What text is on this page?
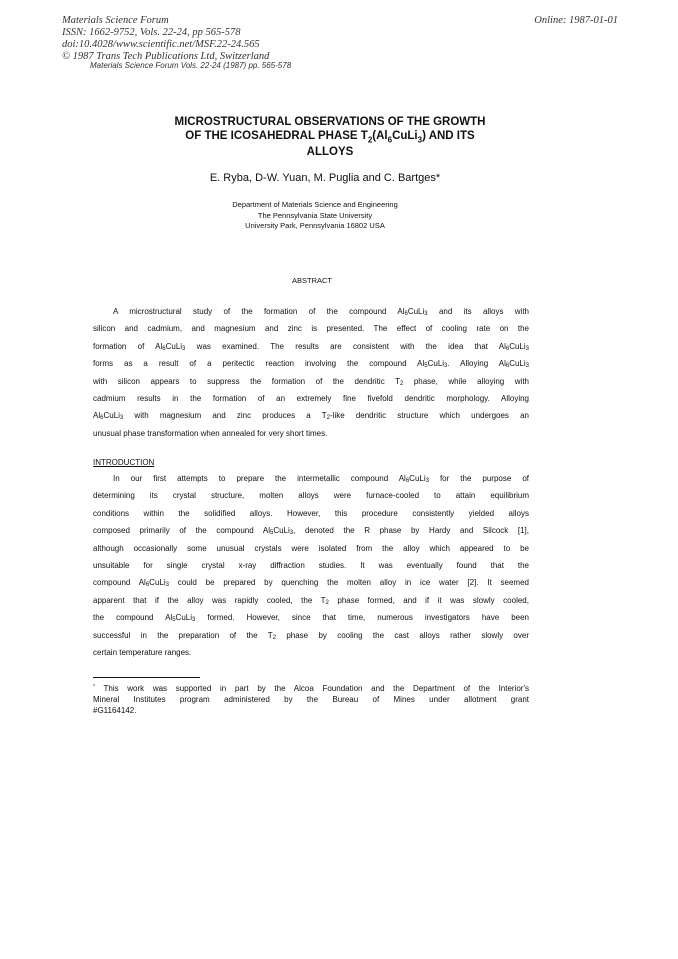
Materials Science Forum
ISSN: 1662-9752, Vols. 22-24, pp 565-578
doi:10.4028/www.scientific.net/MSF.22-24.565
© 1987 Trans Tech Publications Ltd, Switzerland
Online: 1987-01-01
Materials Science Forum Vols. 22-24 (1987) pp. 565-578
MICROSTRUCTURAL OBSERVATIONS OF THE GROWTH
OF THE ICOSAHEDRAL PHASE $T_2(Al_6CuLi_3)$ AND ITS
ALLOYS
E. Ryba, D-W. Yuan, M. Puglia and C. Bartges*
Department of Materials Science and Engineering
The Pennsylvania State University
University Park, Pennsylvania 16802 USA
ABSTRACT
A microstructural study of the formation of the compound $Al_6CuLi_3$ and its alloys with
silicon and cadmium, and magnesium and zinc is presented. The effect of cooling rate on the
formation of $Al_6CuLi_3$ was examined. The results are consistent with the idea that $Al_6CuLi_3$
forms as a result of a peritectic reaction involving the compound $Al_5CuLi_3$. Alloying $Al_6CuLi_3$
with silicon appears to suppress the formation of the dendritic $T_2$ phase, while alloying with
cadmium results in the formation of an extremely fine fivefold dendritic morphology. Alloying
$Al_6CuLi_3$ with magnesium and zinc produces a $T_2$-like dendritic structure which undergoes an
unusual phase transformation when annealed for very short times.
INTRODUCTION
In our first attempts to prepare the intermetallic compound $Al_6CuLi_3$ for the purpose of
determining its crystal structure, molten alloys were furnace-cooled to attain equilibrium
conditions within the solidified alloys. However, this procedure consistently yielded alloys
composed primarily of the compound $Al_5CuLi_3$, denoted the R phase by Hardy and Silcock [1],
although occasionally some unusual crystals were isolated from the alloy which appeared to be
unsuitable for single crystal x-ray diffraction studies. It was eventually found that the
compound $Al_6CuLi_3$ could be prepared by quenching the molten alloy in ice water [2]. It seemed
apparent that if the alloy was rapidly cooled, the $T_2$ phase formed, and if it was slowly cooled,
the compound $Al_5CuLi_3$ formed. However, since that time, numerous investigators have been
successful in the preparation of the $T_2$ phase by cooling the cast alloys rather slowly over
certain temperature ranges.
* This work was supported in part by the Alcoa Foundation and the Department of the Interior's
Mineral Institutes program administered by the Bureau of Mines under allotment grant
#G1164142.
